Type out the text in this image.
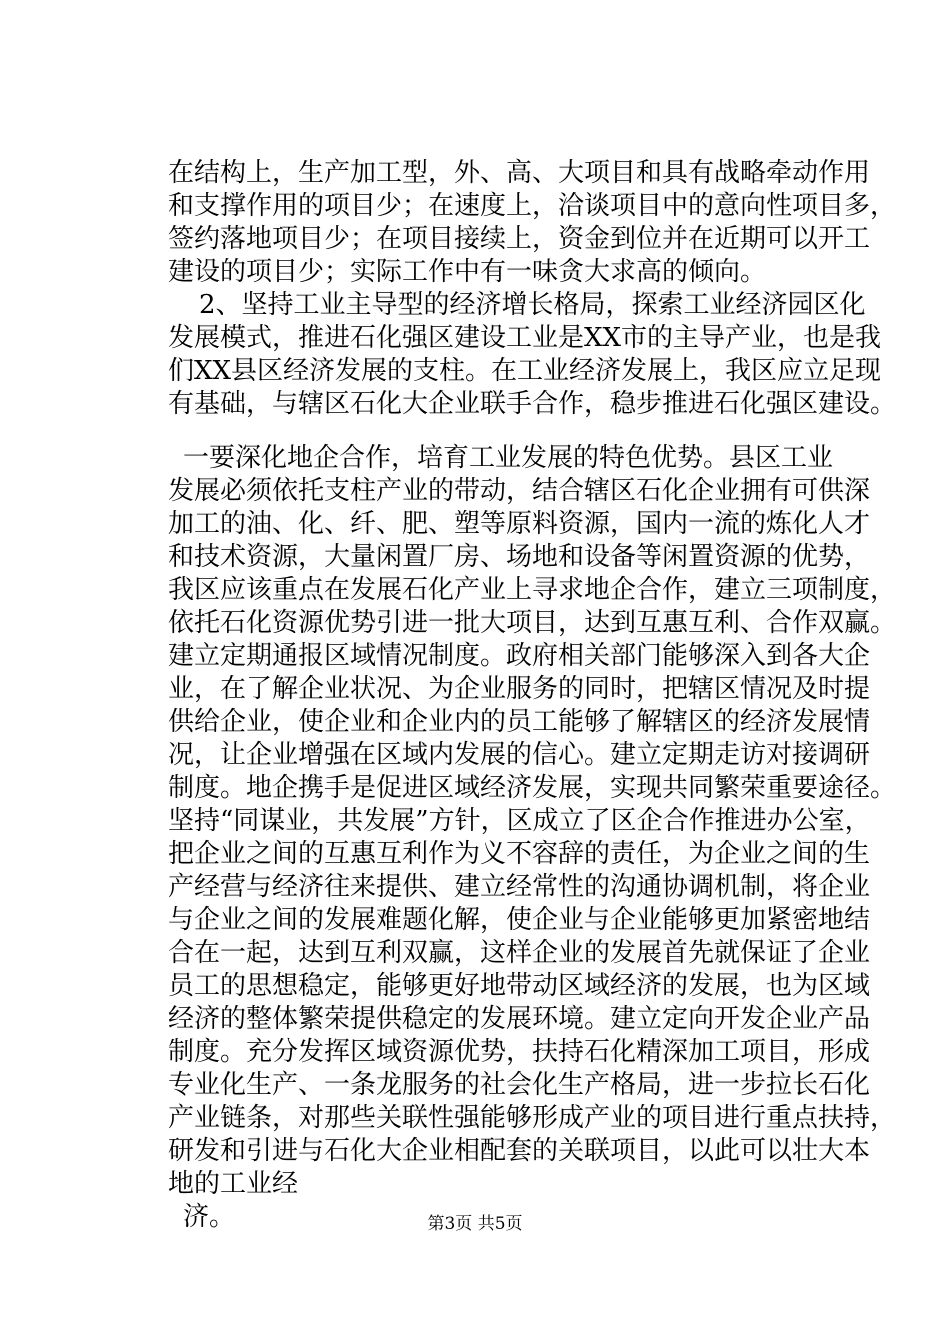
在结构上，生产加工型，外、高、大项目和具有战略牵动作用
和支撑作用的项目少；在速度上，洽谈项目中的意向性项目多，
签约落地项目少；在项目接续上，资金到位并在近期可以开工
建设的项目少；实际工作中有一味贪大求高的倾向。
2、坚持工业主导型的经济增长格局，探索工业经济园区化
发展模式，推进石化强区建设工业是XX市的主导产业，也是我
们XX县区经济发展的支柱。在工业经济发展上，我区应立足现
有基础，与辖区石化大企业联手合作，稳步推进石化强区建设。
一要深化地企合作，培育工业发展的特色优势。县区工业
发展必须依托支柱产业的带动，结合辖区石化企业拥有可供深
加工的油、化、纤、肥、塑等原料资源，国内一流的炼化人才
和技术资源，大量闲置厂房、场地和设备等闲置资源的优势，
我区应该重点在发展石化产业上寻求地企合作，建立三项制度，
依托石化资源优势引进一批大项目，达到互惠互利、合作双赢。
建立定期通报区域情况制度。政府相关部门能够深入到各大企
业，在了解企业状况、为企业服务的同时，把辖区情况及时提
供给企业，使企业和企业内的员工能够了解辖区的经济发展情
况，让企业增强在区域内发展的信心。建立定期走访对接调研
制度。地企携手是促进区域经济发展，实现共同繁荣重要途径。
坚持“同谋业，共发展”方针，区成立了区企合作推进办公室，
把企业之间的互惠互利作为义不容辞的责任，为企业之间的生
产经营与经济往来提供、建立经常性的沟通协调机制，将企业
与企业之间的发展难题化解，使企业与企业能够更加紧密地结
合在一起，达到互利双赢，这样企业的发展首先就保证了企业
员工的思想稳定，能够更好地带动区域经济的发展，也为区域
经济的整体繁荣提供稳定的发展环境。建立定向开发企业产品
制度。充分发挥区域资源优势，扶持石化精深加工项目，形成
专业化生产、一条龙服务的社会化生产格局，进一步拉长石化
产业链条，对那些关联性强能够形成产业的项目进行重点扶持，
研发和引进与石化大企业相配套的关联项目，以此可以壮大本
地的工业经
济。	第3页 共5页
